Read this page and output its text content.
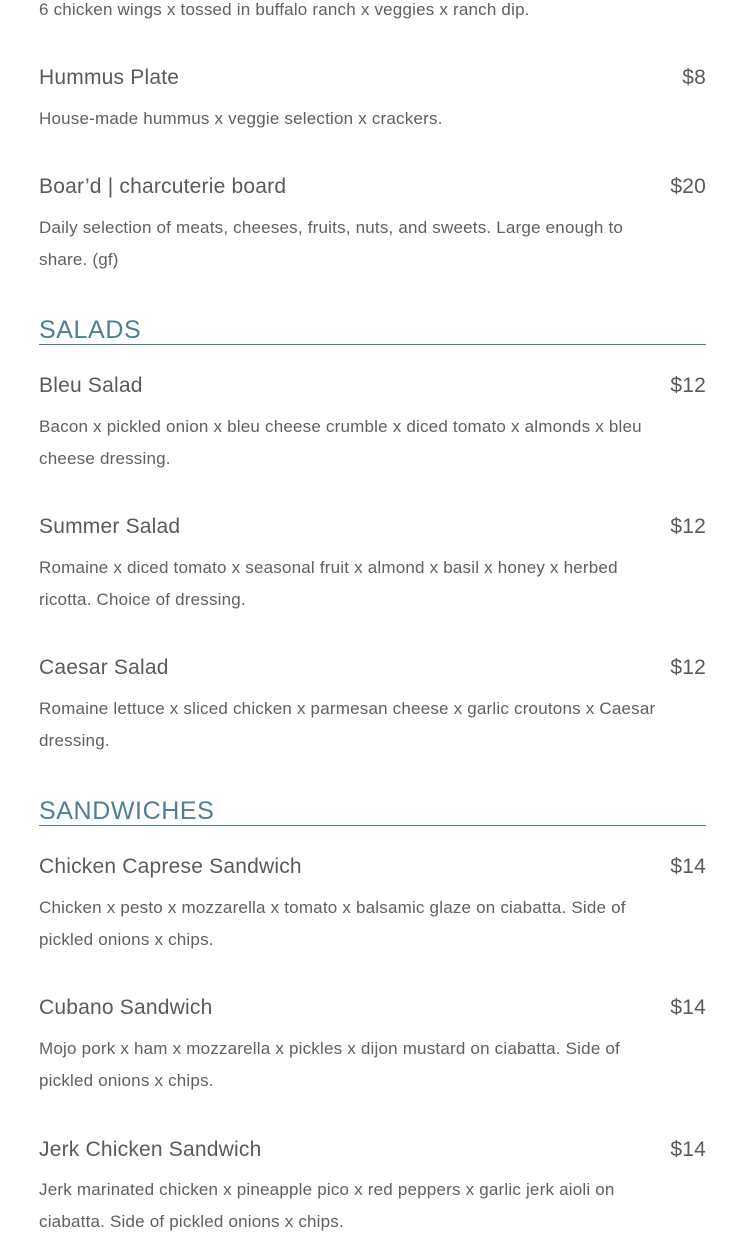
6 chicken wings x tossed in buffalo ranch x veggies x ranch dip.
Hummus Plate	$8
House-made hummus x veggie selection x crackers.
Boar’d | charcuterie board	$20
Daily selection of meats, cheeses, fruits, nuts, and sweets. Large enough to share. (gf)
SALADS
Bleu Salad	$12
Bacon x pickled onion x bleu cheese crumble x diced tomato x almonds x bleu cheese dressing.
Summer Salad	$12
Romaine x diced tomato x seasonal fruit x almond x basil x honey x herbed ricotta. Choice of dressing.
Caesar Salad	$12
Romaine lettuce x sliced chicken x parmesan cheese x garlic croutons x Caesar dressing.
SANDWICHES
Chicken Caprese Sandwich	$14
Chicken x pesto x mozzarella x tomato x balsamic glaze on ciabatta. Side of pickled onions x chips.
Cubano Sandwich	$14
Mojo pork x ham x mozzarella x pickles x dijon mustard on ciabatta. Side of pickled onions x chips.
Jerk Chicken Sandwich	$14
Jerk marinated chicken x pineapple pico x red peppers x garlic jerk aioli on ciabatta. Side of pickled onions x chips.
